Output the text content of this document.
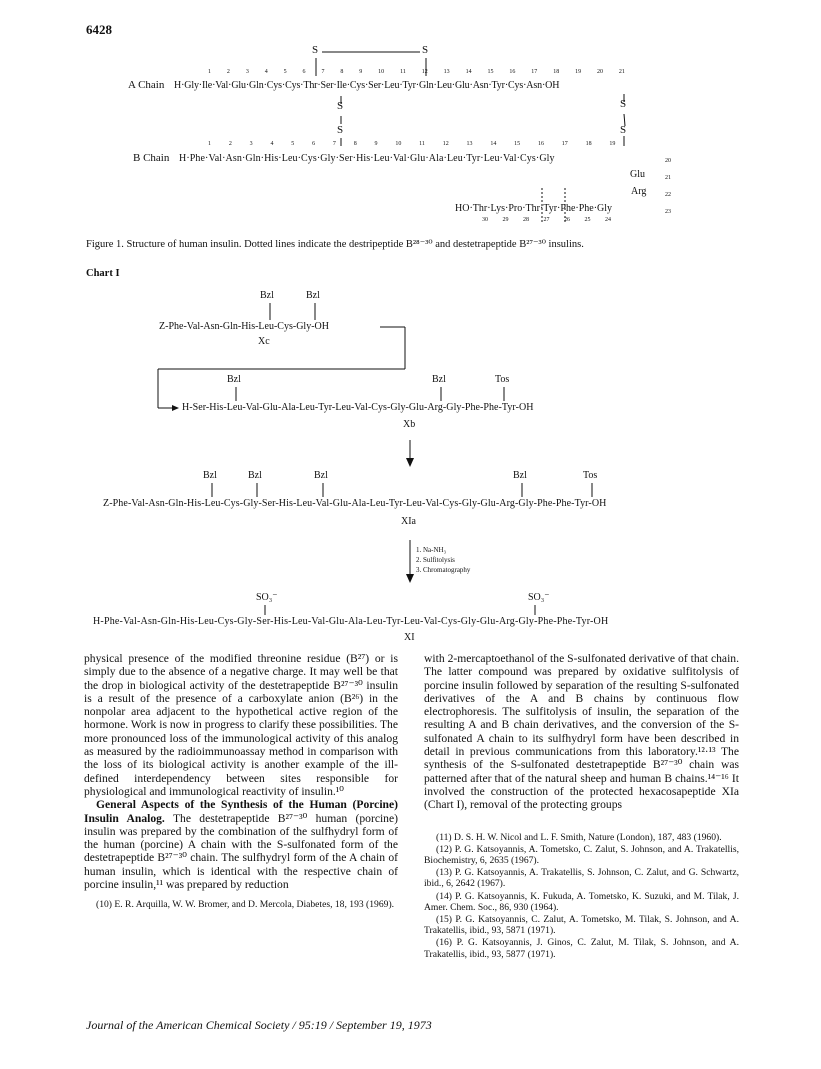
6428
S	S
S
S
S
S
1	2	3	4	5	6	7	8	9	10	11	12	13	14	15	16	17	18	19	20	21
A Chain H·Gly·Ile·Val·Glu·Gln·Cys·Cys·Thr·Ser·Ile·Cys·Ser·Leu·Tyr·Gln·Leu·Glu·Asn·Tyr·Cys·Asn·OH
1	2	3	4	5	6	7	8	9	10	11	12	13	14	15	16	17	18	19
B Chain H·Phe·Val·Asn·Gln·His·Leu·Cys·Gly·Ser·His·Leu·Val·Glu·Ala·Leu·Tyr·Leu·Val·Cys·Gly	20
Glu	21
Arg	22
HO·Thr·Lys·Pro·Thr·Tyr·Phe·Phe·Gly	23
30 29 28 27 26 25 24
Figure 1. Structure of human insulin. Dotted lines indicate the destripeptide B²⁸⁻³⁰ and destetrapeptide B²⁷⁻³⁰ insulins.
Chart I
Bzl	Bzl
Z-Phe-Val-Asn-Gln-His-Leu-Cys-Gly-OH
Xc
Bzl	Bzl	Tos
H-Ser-His-Leu-Val-Glu-Ala-Leu-Tyr-Leu-Val-Cys-Gly-Glu-Arg-Gly-Phe-Phe-Tyr-OH
Xb
Bzl	Bzl	Bzl	Bzl	Tos
Z-Phe-Val-Asn-Gln-His-Leu-Cys-Gly-Ser-His-Leu-Val-Glu-Ala-Leu-Tyr-Leu-Val-Cys-Gly-Glu-Arg-Gly-Phe-Phe-Tyr-OH
XIa
1. Na-NH₃
2. Sulfitolysis
3. Chromatography
SO₃⁻	SO₃⁻
H-Phe-Val-Asn-Gln-His-Leu-Cys-Gly-Ser-His-Leu-Val-Glu-Ala-Leu-Tyr-Leu-Val-Cys-Gly-Glu-Arg-Gly-Phe-Phe-Tyr-OH
XI

physical presence of the modified threonine residue (B²⁷) or is simply due to the absence of a negative charge. It may well be that the drop in biological activity of the destetrapeptide B²⁷⁻³⁰ insulin is a result of the presence of a carboxylate anion (B²⁶) in the nonpolar area adjacent to the hypothetical active region of the hormone. Work is now in progress to clarify these possibilities. The more pronounced loss of the immunological activity of this analog as measured by the radioimmunoassay method in comparison with the loss of its biological activity is another example of the ill-defined interdependency between sites responsible for physiological and immunological reactivity of insulin.¹⁰

General Aspects of the Synthesis of the Human (Porcine) Insulin Analog. The destetrapeptide B²⁷⁻³⁰ human (porcine) insulin was prepared by the combination of the sulfhydryl form of the human (porcine) A chain with the S-sulfonated form of the destetrapeptide B²⁷⁻³⁰ chain. The sulfhydryl form of the A chain of human insulin, which is identical with the respective chain of porcine insulin,¹¹ was prepared by reduction

(10) E. R. Arquilla, W. W. Bromer, and D. Mercola, Diabetes, 18, 193 (1969).

with 2-mercaptoethanol of the S-sulfonated derivative of that chain. The latter compound was prepared by oxidative sulfitolysis of porcine insulin followed by separation of the resulting S-sulfonated derivatives of the A and B chains by continuous flow electrophoresis. The sulfitolysis of insulin, the separation of the resulting A and B chain derivatives, and the conversion of the S-sulfonated A chain to its sulfhydryl form have been described in detail in previous communications from this laboratory.¹²·¹³ The synthesis of the S-sulfonated destetrapeptide B²⁷⁻³⁰ chain was patterned after that of the natural sheep and human B chains.¹⁴⁻¹⁶ It involved the construction of the protected hexacosapeptide XIa (Chart I), removal of the protecting groups

(11) D. S. H. W. Nicol and L. F. Smith, Nature (London), 187, 483 (1960).

(12) P. G. Katsoyannis, A. Tometsko, C. Zalut, S. Johnson, and A. Trakatellis, Biochemistry, 6, 2635 (1967).

(13) P. G. Katsoyannis, A. Trakatellis, S. Johnson, C. Zalut, and G. Schwartz, ibid., 6, 2642 (1967).

(14) P. G. Katsoyannis, K. Fukuda, A. Tometsko, K. Suzuki, and M. Tilak, J. Amer. Chem. Soc., 86, 930 (1964).

(15) P. G. Katsoyannis, C. Zalut, A. Tometsko, M. Tilak, S. Johnson, and A. Trakatellis, ibid., 93, 5871 (1971).

(16) P. G. Katsoyannis, J. Ginos, C. Zalut, M. Tilak, S. Johnson, and A. Trakatellis, ibid., 93, 5877 (1971).

Journal of the American Chemical Society / 95:19 / September 19, 1973
